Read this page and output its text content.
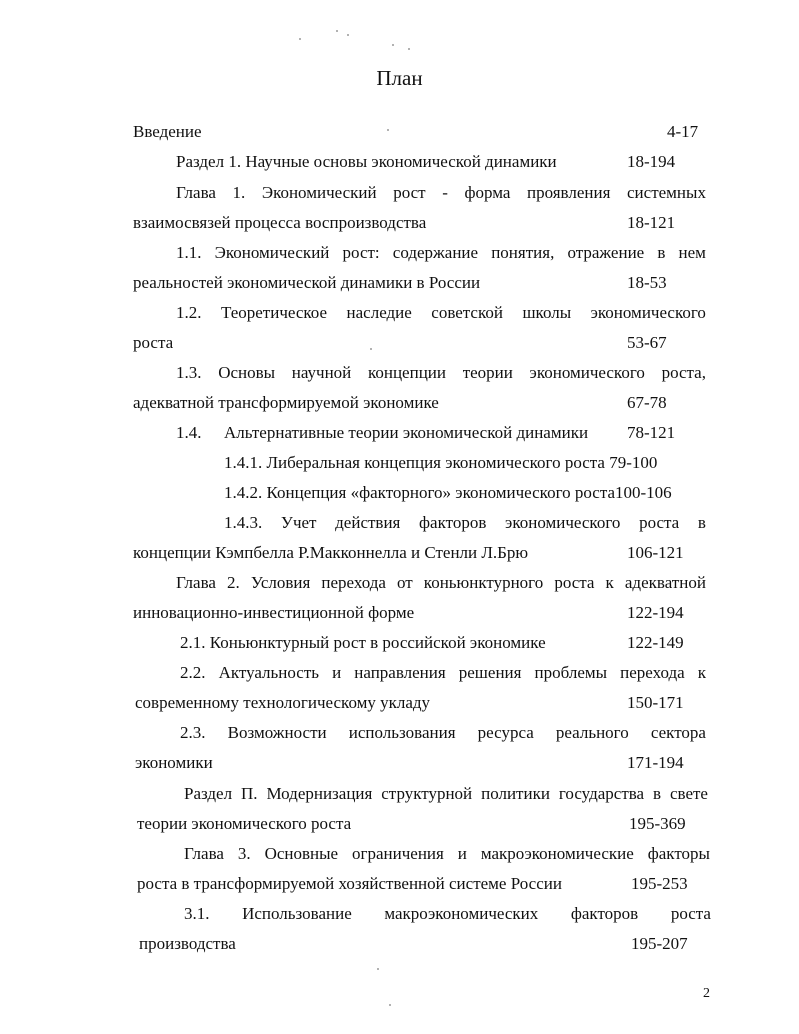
План
Введение	4-17
Раздел 1. Научные основы экономической динамики	18-194
Глава 1. Экономический рост - форма проявления системных
взаимосвязей процесса воспроизводства	18-121
1.1. Экономический рост: содержание понятия, отражение в нем
реальностей экономической динамики в России	18-53
1.2. Теоретическое наследие советской школы экономического
роста	53-67
1.3. Основы научной концепции теории экономического роста,
адекватной трансформируемой экономике	67-78
1.4. Альтернативные теории экономической динамики 78-121
1.4.1. Либеральная концепция экономического роста 79-100
1.4.2. Концепция «факторного» экономического роста100-106
1.4.3. Учет действия факторов экономического роста в
концепции Кэмпбелла Р.Макконнелла и Стенли Л.Брю	106-121
Глава 2. Условия перехода от коньюнктурного роста к адекватной
инновационно-инвестиционной форме	122-194
2.1. Коньюнктурный рост в российской экономике	122-149
2.2. Актуальность и направления решения проблемы перехода к
современному технологическому укладу	150-171
2.3. Возможности использования ресурса реального сектора
экономики	171-194
Раздел П. Модернизация структурной политики государства в свете
теории экономического роста	195-369
Глава 3. Основные ограничения и макроэкономические факторы
роста в трансформируемой хозяйственной системе России	195-253
3.1. Использование макроэкономических факторов роста
производства	195-207
2
